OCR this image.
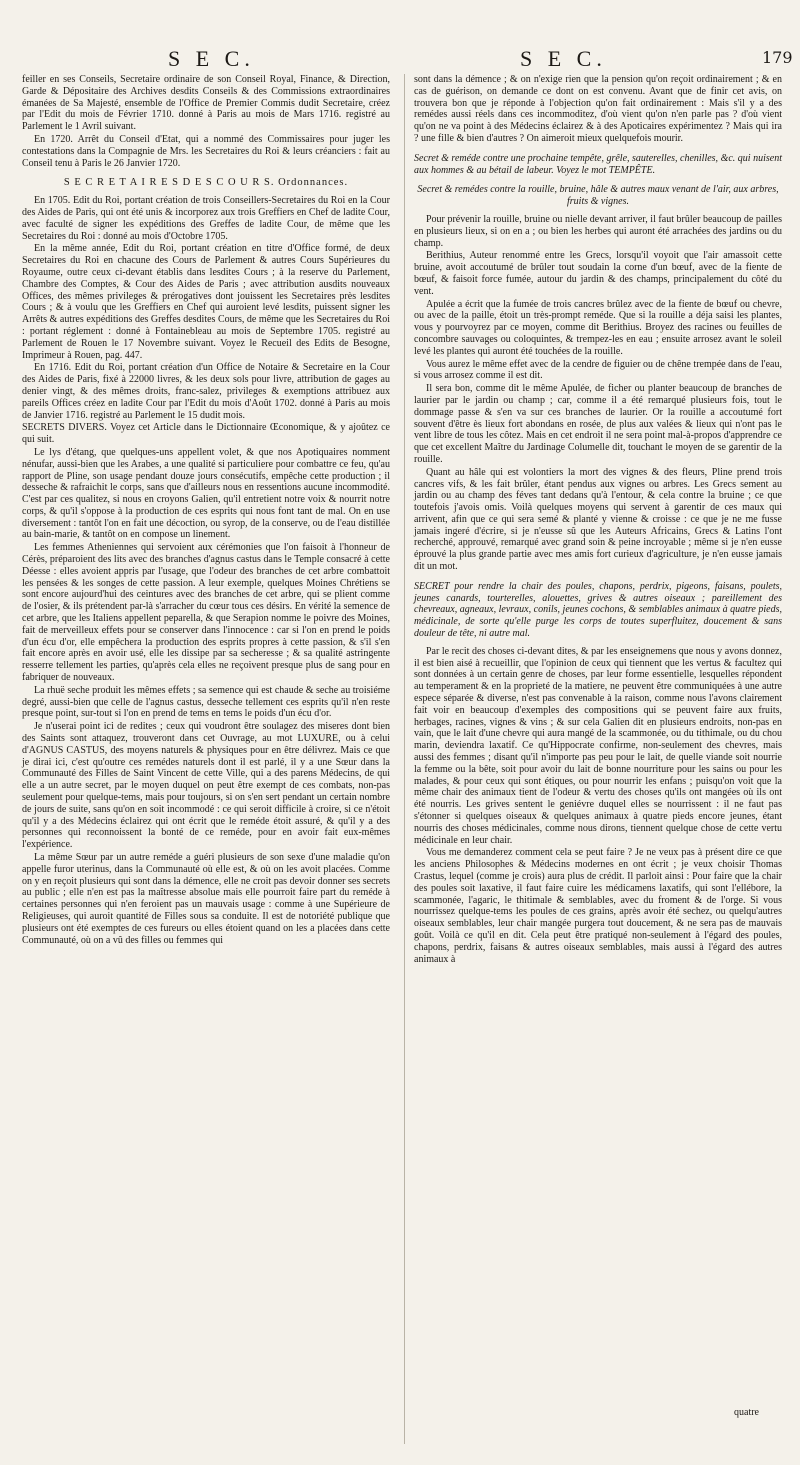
S E C.	S E C.	179

feiller en ses Conseils, Secretaire ordinaire de son Conseil Royal, Finance, & Direction, Garde & Dépositaire des Archives desdits Conseils & des Commissions extraordinaires émanées de Sa Majesté, ensemble de l'Office de Premier Commis dudit Secretaire, créez par l'Edit du mois de Février 1710. donné à Paris au mois de Mars 1716. registré au Parlement le 1 Avril suivant.

En 1720. Arrêt du Conseil d'Etat, qui a nommé des Commissaires pour juger les contestations dans la Compagnie de Mrs. les Secretaires du Roi & leurs créanciers : fait au Conseil tenu à Paris le 26 Janvier 1720.

S E C R E T A I R E S D E S C O U R S. Ordonnances.

En 1705. Edit du Roi, portant création de trois Conseillers-Secretaires du Roi en la Cour des Aides de Paris, qui ont été unis & incorporez aux trois Greffiers en Chef de ladite Cour, avec faculté de signer les expéditions des Greffes de ladite Cour, de même que les Secretaires du Roi : donné au mois d'Octobre 1705.

En la même année, Edit du Roi, portant création en titre d'Office formé, de deux Secretaires du Roi en chacune des Cours de Parlement & autres Cours Supérieures du Royaume, outre ceux ci-devant établis dans lesdites Cours ; à la reserve du Parlement, Chambre des Comptes, & Cour des Aides de Paris ; avec attribution ausdits nouveaux Offices, des mêmes privileges & prérogatives dont jouissent les Secretaires près lesdites Cours ; & à voulu que les Greffiers en Chef qui auroient levé lesdits, puissent signer les Arrêts & autres expéditions des Greffes desdites Cours, de même que les Secretaires du Roi : portant réglement : donné à Fontainebleau au mois de Septembre 1705. registré au Parlement de Rouen le 17 Novembre suivant. Voyez le Recueil des Edits de Besogne, Imprimeur à Rouen, pag. 447.

En 1716. Edit du Roi, portant création d'un Office de Notaire & Secretaire en la Cour des Aides de Paris, fixé à 22000 livres, & les deux sols pour livre, attribution de gages au denier vingt, & des mêmes droits, franc-salez, privileges & exemptions attribuez aux pareils Offices créez en ladite Cour par l'Edit du mois d'Août 1702. donné à Paris au mois de Janvier 1716. registré au Parlement le 15 dudit mois.

SECRETS DIVERS. Voyez cet Article dans le Dictionnaire Œconomique, & y ajoûtez ce qui suit.

Le lys d'étang, que quelques-uns appellent volet, & que nos Apotiquaires nomment nénufar, aussi-bien que les Arabes, a une qualité si particuliere pour combattre ce feu, qu'au rapport de Pline, son usage pendant douze jours consécutifs, empêche cette production ; il desseche & rafraichit le corps, sans que d'ailleurs nous en ressentions aucune incommodité. C'est par ces qualitez, si nous en croyons Galien, qu'il entretient notre voix & nourrit notre corps, & qu'il s'oppose à la production de ces esprits qui nous font tant de mal. On en use diversement : tantôt l'on en fait une décoction, ou syrop, de la conserve, ou de l'eau distillée au bain-marie, & tantôt on en compose un linement.

Les femmes Atheniennes qui servoient aux cérémonies que l'on faisoit à l'honneur de Cérès, préparoient des lits avec des branches d'agnus castus dans le Temple consacré à cette Déesse : elles avoient appris par l'usage, que l'odeur des branches de cet arbre combattoit les pensées & les songes de cette passion. A leur exemple, quelques Moines Chrétiens se sont encore aujourd'hui des ceintures avec des branches de cet arbre, qui se plient comme de l'osier, & ils prétendent par-là s'arracher du cœur tous ces désirs. En vérité la semence de cet arbre, que les Italiens appellent peparella, & que Serapion nomme le poivre des Moines, fait de merveilleux effets pour se conserver dans l'innocence : car si l'on en prend le poids d'un écu d'or, elle empêchera la production des esprits propres à cette passion, & s'il s'en fait encore après en avoir usé, elle les dissipe par sa secheresse ; & sa qualité astringente resserre tellement les parties, qu'après cela elles ne reçoivent presque plus de sang pour en fabriquer de nouveaux.

La rhuë seche produit les mêmes effets ; sa semence qui est chaude & seche au troisiéme degré, aussi-bien que celle de l'agnus castus, desseche tellement ces esprits qu'il n'en reste presque point, sur-tout si l'on en prend de tems en tems le poids d'un écu d'or.

Je n'userai point ici de redites ; ceux qui voudront être soulagez des miseres dont bien des Saints sont attaquez, trouveront dans cet Ouvrage, au mot LUXURE, ou à celui d'AGNUS CASTUS, des moyens naturels & physiques pour en être délivrez. Mais ce que je dirai ici, c'est qu'outre ces remédes naturels dont il est parlé, il y a une Sœur dans la Communauté des Filles de Saint Vincent de cette Ville, qui a des parens Médecins, de qui elle a un autre secret, par le moyen duquel on peut être exempt de ces combats, non-pas seulement pour quelque-tems, mais pour toujours, si on s'en sert pendant un certain nombre de jours de suite, sans qu'on en soit incommodé : ce qui seroit difficile à croire, si ce n'étoit qu'il y a des Médecins éclairez qui ont écrit que le reméde étoit assuré, & qu'il y a des personnes qui reconnoissent la bonté de ce reméde, pour en avoir fait eux-mêmes l'expérience.

La même Sœur par un autre reméde a guéri plusieurs de son sexe d'une maladie qu'on appelle furor uterinus, dans la Communauté où elle est, & où on les avoit placées. Comme on y en reçoit plusieurs qui sont dans la démence, elle ne croit pas devoir donner ses secrets au public ; elle n'en est pas la maîtresse absolue mais elle pourroit faire part du reméde à certaines personnes qui n'en feroient pas un mauvais usage : comme à une Supérieure de Religieuses, qui auroit quantité de Filles sous sa conduite. Il est de notoriété publique que plusieurs ont été exemptes de ces fureurs ou elles étoient quand on les a placées dans cette Communauté, où on a vû des filles ou femmes qui

sont dans la démence ; & on n'exige rien que la pension qu'on reçoit ordinairement ; & en cas de guérison, on demande ce dont on est convenu. Avant que de finir cet avis, on trouvera bon que je réponde à l'objection qu'on fait ordinairement : Mais s'il y a des remédes aussi réels dans ces incommoditez, d'où vient qu'on n'en parle pas ? d'où vient qu'on ne va point à des Médecins éclairez & à des Apoticaires expérimentez ? Mais qui ira ? une fille & bien d'autres ? On aimeroit mieux quelquefois mourir.

Secret & reméde contre une prochaine tempête, grêle, sauterelles, chenilles, &c. qui nuisent aux hommes & au bétail de labeur. Voyez le mot TEMPÊTE.

Secret & remédes contre la rouille, bruine, hâle & autres maux venant de l'air, aux arbres, fruits & vignes.

Pour prévenir la rouille, bruine ou nielle devant arriver, il faut brûler beaucoup de pailles en plusieurs lieux, si on en a ; ou bien les herbes qui auront été arrachées des jardins ou du champ.

Berithius, Auteur renommé entre les Grecs, lorsqu'il voyoit que l'air amassoit cette bruine, avoit accoutumé de brûler tout soudain la corne d'un bœuf, avec de la fiente de bœuf, & faisoit force fumée, autour du jardin & des champs, principalement du côté du vent.

Apulée a écrit que la fumée de trois cancres brûlez avec de la fiente de bœuf ou chevre, ou avec de la paille, étoit un très-prompt reméde. Que si la rouille a déja saisi les plantes, vous y pourvoyrez par ce moyen, comme dit Berithius. Broyez des racines ou feuilles de concombre sauvages ou coloquintes, & trempez-les en eau ; ensuite arrosez avant le soleil levé les plantes qui auront été touchées de la rouille.

Vous aurez le même effet avec de la cendre de figuier ou de chêne trempée dans de l'eau, si vous arrosez comme il est dit.

Il sera bon, comme dit le même Apulée, de ficher ou planter beaucoup de branches de laurier par le jardin ou champ ; car, comme il a été remarqué plusieurs fois, tout le dommage passe & s'en va sur ces branches de laurier. Or la rouille a accoutumé fort souvent d'être ès lieux fort abondans en rosée, de plus aux valées & lieux qui n'ont pas le vent libre de tous les côtez. Mais en cet endroit il ne sera point mal-à-propos d'apprendre ce que cet excellent Maître du Jardinage Columelle dit, touchant le moyen de se garentir de la rouille.

Quant au hâle qui est volontiers la mort des vignes & des fleurs, Pline prend trois cancres vifs, & les fait brûler, étant pendus aux vignes ou arbres. Les Grecs sement au jardin ou au champ des féves tant dedans qu'à l'entour, & cela contre la bruine ; ce que toutefois j'avois omis. Voilà quelques moyens qui servent à garentir de ces maux qui arrivent, afin que ce qui sera semé & planté y vienne & croisse : ce que je ne me fusse jamais ingeré d'écrire, si je n'eusse sû que les Auteurs Africains, Grecs & Latins l'ont recherché, approuvé, remarqué avec grand soin & peine incroyable ; même si je n'en eusse éprouvé la plus grande partie avec mes amis fort curieux d'agriculture, je n'en eusse jamais dit un mot.

SECRET pour rendre la chair des poules, chapons, perdrix, pigeons, faisans, poulets, jeunes canards, tourterelles, alouettes, grives & autres oiseaux ; pareillement des chevreaux, agneaux, levraux, conils, jeunes cochons, & semblables animaux à quatre pieds, médicinale, de sorte qu'elle purge les corps de toutes superfluitez, doucement & sans douleur de tête, ni autre mal.

Par le recit des choses ci-devant dites, & par les enseignemens que nous y avons donnez, il est bien aisé à recueillir, que l'opinion de ceux qui tiennent que les vertus & facultez qui sont données à un certain genre de choses, par leur forme essentielle, lesquelles répondent au temperament & en la proprieté de la matiere, ne peuvent être communiquées à une autre espece séparée & diverse, n'est pas convenable à la raison, comme nous l'avons clairement fait voir en beaucoup d'exemples des compositions qui se peuvent faire aux fruits, herbages, racines, vignes & vins ; & sur cela Galien dit en plusieurs endroits, non-pas en vain, que le lait d'une chevre qui aura mangé de la scammonée, ou du tithimale, ou du chou marin, deviendra laxatif. Ce qu'Hippocrate confirme, non-seulement des chevres, mais aussi des femmes ; disant qu'il n'importe pas peu pour le lait, de quelle viande soit nourrie la femme ou la bête, soit pour avoir du lait de bonne nourriture pour les sains ou pour les malades, & pour ceux qui sont étiques, ou pour nourrir les enfans ; puisqu'on voit que la même chair des animaux tient de l'odeur & vertu des choses qu'ils ont mangées où ils ont été nourris. Les grives sentent le geniévre duquel elles se nourrissent : il ne faut pas s'étonner si quelques oiseaux & quelques animaux à quatre pieds encore jeunes, étant nourris des choses médicinales, comme nous dirons, tiennent quelque chose de cette vertu médicinale en leur chair.

Vous me demanderez comment cela se peut faire ? Je ne veux pas à présent dire ce que les anciens Philosophes & Médecins modernes en ont écrit ; je veux choisir Thomas Crastus, lequel (comme je crois) aura plus de crédit. Il parloit ainsi : Pour faire que la chair des poules soit laxative, il faut faire cuire les médicamens laxatifs, qui sont l'ellébore, la scammonée, l'agaric, le thitimale & semblables, avec du froment & de l'orge. Si vous nourrissez quelque-tems les poules de ces grains, après avoir été sechez, ou quelqu'autres oiseaux semblables, leur chair mangée purgera tout doucement, & ne sera pas de mauvais goût. Voilà ce qu'il en dit. Cela peut être pratiqué non-seulement à l'égard des poules, chapons, perdrix, faisans & autres oiseaux semblables, mais aussi à l'égard des autres animaux à

quatre
